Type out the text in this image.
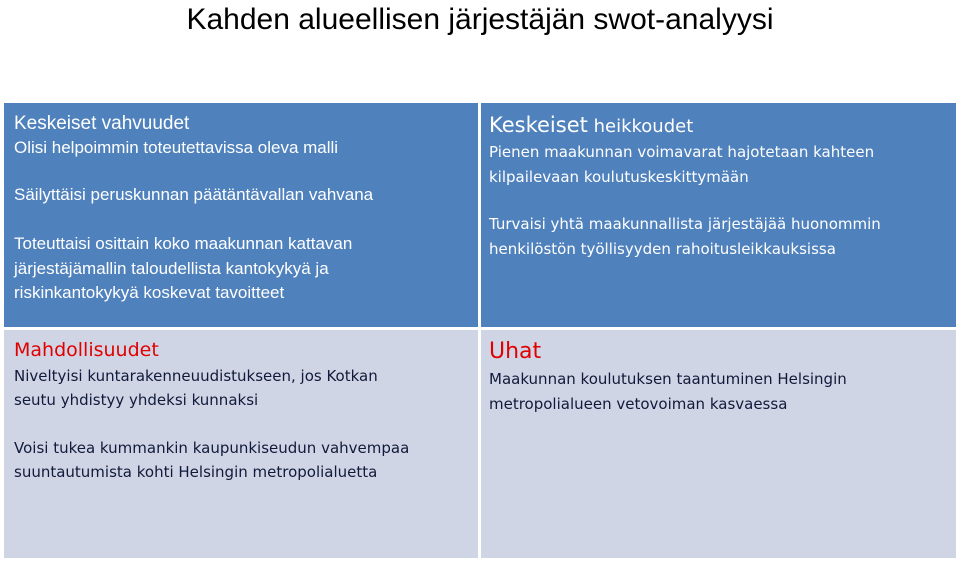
Kahden alueellisen järjestäjän swot-analyysi
Keskeiset vahvuudet
Olisi helpoimmin toteutettavissa oleva malli
Säilyttäisi peruskunnan päätäntävallan vahvana
Toteuttaisi osittain koko maakunnan kattavan
järjestäjämallin taloudellista kantokykyä ja
riskinkantokykyä koskevat tavoitteet
Keskeiset heikkoudet
Pienen maakunnan voimavarat hajotetaan kahteen
kilpailevaan koulutuskeskittymään
Turvaisi yhtä maakunnallista järjestäjää huonommin
henkilöstön työllisyyden rahoitusleikkauksissa
Mahdollisuudet
Niveltyisi kuntarakenneuudistukseen, jos Kotkan
seutu yhdistyy yhdeksi kunnaksi
Voisi tukea kummankin kaupunkiseudun vahvempaa
suuntautumista kohti Helsingin metropolialuetta
Uhat
Maakunnan koulutuksen taantuminen Helsingin
metropolialueen vetovoiman kasvaessa
